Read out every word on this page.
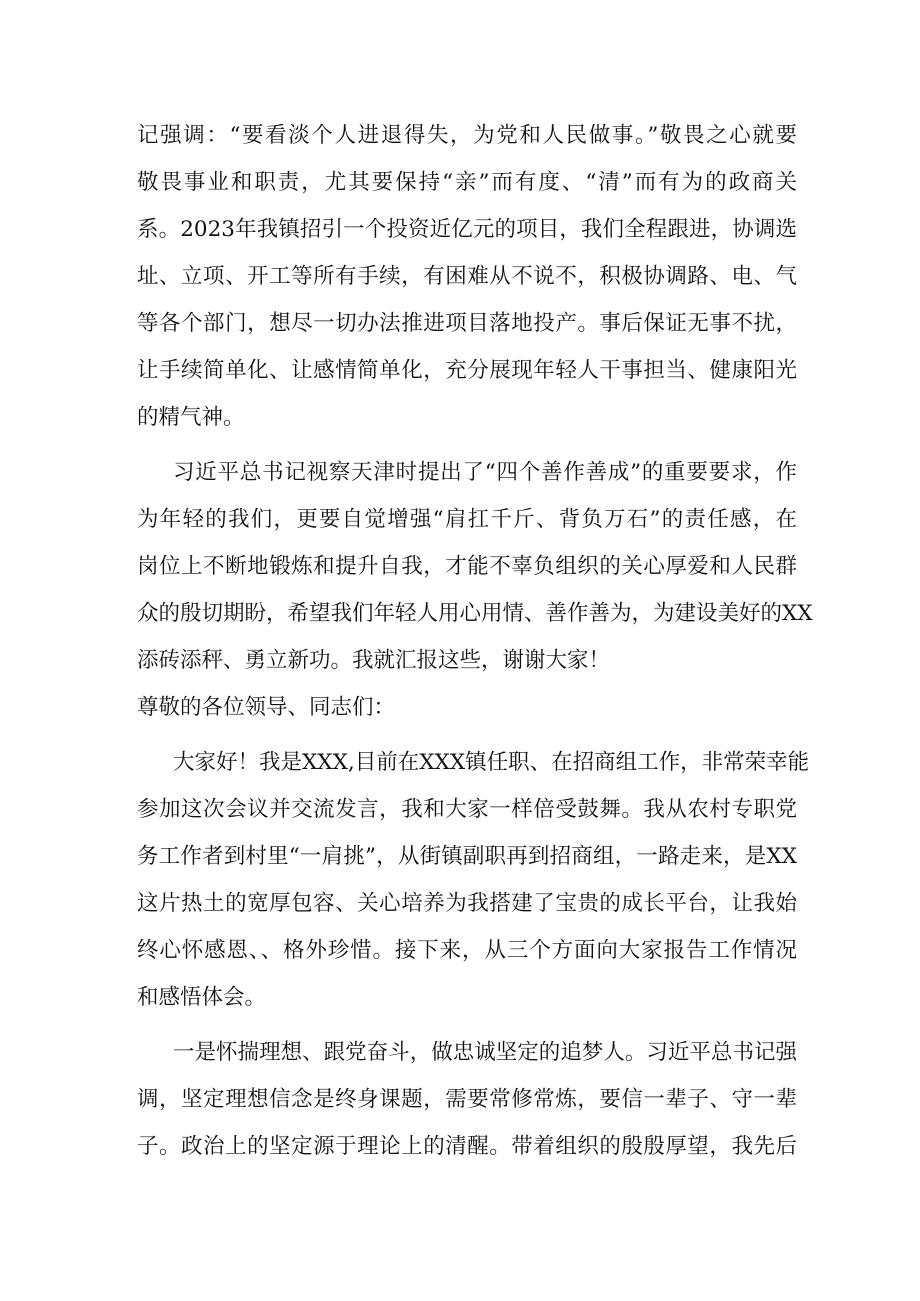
记强调：“要看淡个人进退得失，为党和人民做事。”敬畏之心就要
敬畏事业和职责，尤其要保持“亲”而有度、“清”而有为的政商关
系。2023年我镇招引一个投资近亿元的项目，我们全程跟进，协调选
址、立项、开工等所有手续，有困难从不说不，积极协调路、电、气
等各个部门，想尽一切办法推进项目落地投产。事后保证无事不扰，
让手续简单化、让感情简单化，充分展现年轻人干事担当、健康阳光
的精气神。
习近平总书记视察天津时提出了“四个善作善成”的重要要求，作
为年轻的我们，更要自觉增强“肩扛千斤、背负万石”的责任感，在
岗位上不断地锻炼和提升自我，才能不辜负组织的关心厚爱和人民群
众的殷切期盼，希望我们年轻人用心用情、善作善为，为建设美好的XX
添砖添秤、勇立新功。我就汇报这些，谢谢大家！
尊敬的各位领导、同志们：
大家好！我是XXX,目前在XXX镇任职、在招商组工作，非常荣幸能
参加这次会议并交流发言，我和大家一样倍受鼓舞。我从农村专职党
务工作者到村里“一肩挑”，从街镇副职再到招商组，一路走来，是XX
这片热土的宽厚包容、关心培养为我搭建了宝贵的成长平台，让我始
终心怀感恩、、格外珍惜。接下来，从三个方面向大家报告工作情况
和感悟体会。
一是怀揣理想、跟党奋斗，做忠诚坚定的追梦人。习近平总书记强
调，坚定理想信念是终身课题，需要常修常炼，要信一辈子、守一辈
子。政治上的坚定源于理论上的清醒。带着组织的殷殷厚望，我先后
